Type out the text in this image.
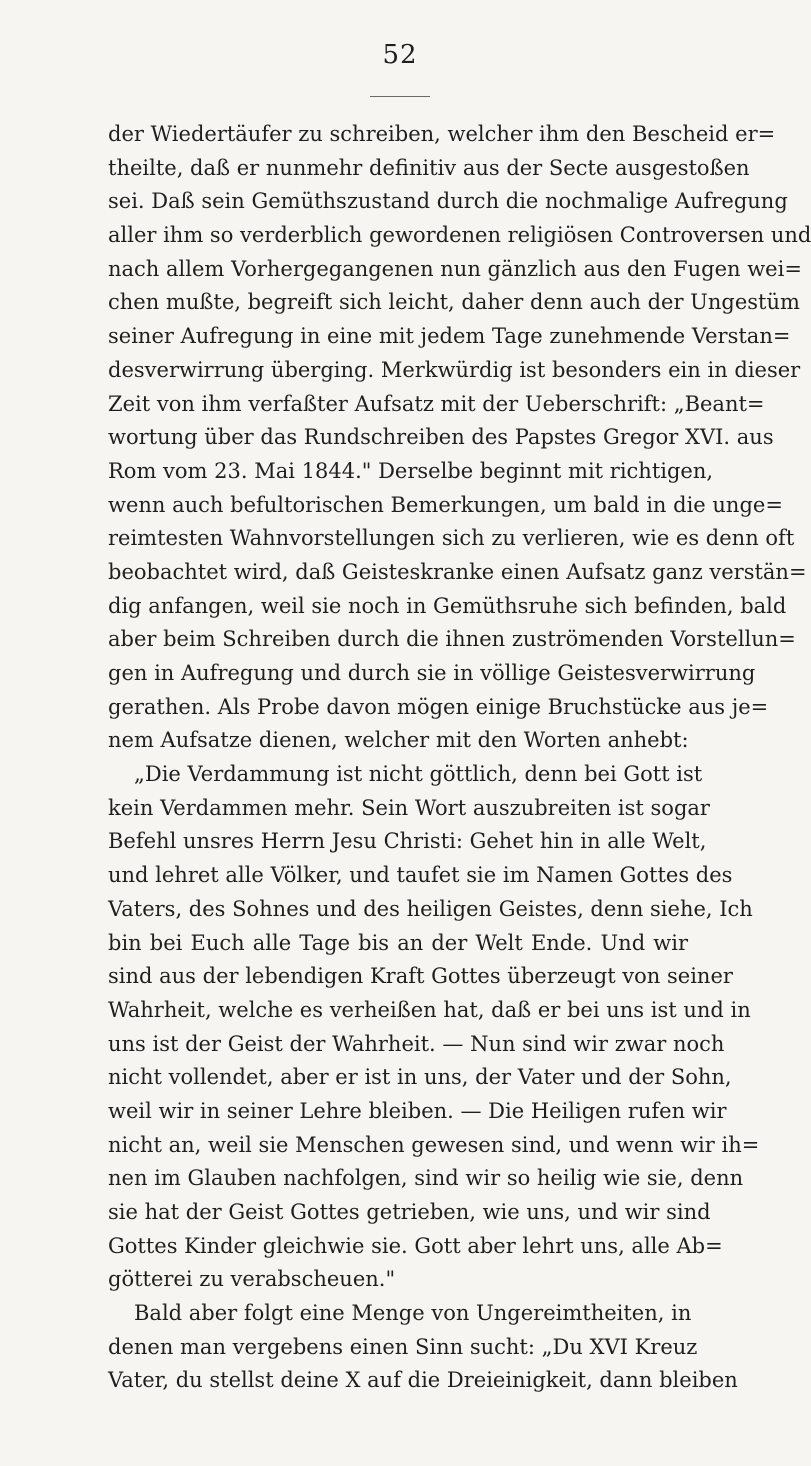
52
der Wiedertäufer zu schreiben, welcher ihm den Bescheid er=
theilte, daß er nunmehr definitiv aus der Secte ausgestoßen
sei. Daß sein Gemüthszustand durch die nochmalige Aufregung
aller ihm so verderblich gewordenen religiösen Controversen und
nach allem Vorhergegangenen nun gänzlich aus den Fugen wei=
chen mußte, begreift sich leicht, daher denn auch der Ungestüm
seiner Aufregung in eine mit jedem Tage zunehmende Verstan=
desverwirrung überging. Merkwürdig ist besonders ein in dieser
Zeit von ihm verfaßter Aufsatz mit der Ueberschrift: „Beant=
wortung über das Rundschreiben des Papstes Gregor XVI. aus
Rom vom 23. Mai 1844." Derselbe beginnt mit richtigen,
wenn auch befultorischen Bemerkungen, um bald in die unge=
reimtesten Wahnvorstellungen sich zu verlieren, wie es denn oft
beobachtet wird, daß Geisteskranke einen Aufsatz ganz verstän=
dig anfangen, weil sie noch in Gemüthsruhe sich befinden, bald
aber beim Schreiben durch die ihnen zuströmenden Vorstellun=
gen in Aufregung und durch sie in völlige Geistesverwirrung
gerathen. Als Probe davon mögen einige Bruchstücke aus je=
nem Aufsatze dienen, welcher mit den Worten anhebt:
„Die Verdammung ist nicht göttlich, denn bei Gott ist
kein Verdammen mehr. Sein Wort auszubreiten ist sogar
Befehl unsres Herrn Jesu Christi: Gehet hin in alle Welt,
und lehret alle Völker, und taufet sie im Namen Gottes des
Vaters, des Sohnes und des heiligen Geistes, denn siehe, Ich
bin bei Euch alle Tage bis an der Welt Ende. Und wir
sind aus der lebendigen Kraft Gottes überzeugt von seiner
Wahrheit, welche es verheißen hat, daß er bei uns ist und in
uns ist der Geist der Wahrheit. — Nun sind wir zwar noch
nicht vollendet, aber er ist in uns, der Vater und der Sohn,
weil wir in seiner Lehre bleiben. — Die Heiligen rufen wir
nicht an, weil sie Menschen gewesen sind, und wenn wir ih=
nen im Glauben nachfolgen, sind wir so heilig wie sie, denn
sie hat der Geist Gottes getrieben, wie uns, und wir sind
Gottes Kinder gleichwie sie. Gott aber lehrt uns, alle Ab=
götterei zu verabscheuen."
Bald aber folgt eine Menge von Ungereimtheiten, in
denen man vergebens einen Sinn sucht: „Du XVI Kreuz
Vater, du stellst deine X auf die Dreieinigkeit, dann bleiben
